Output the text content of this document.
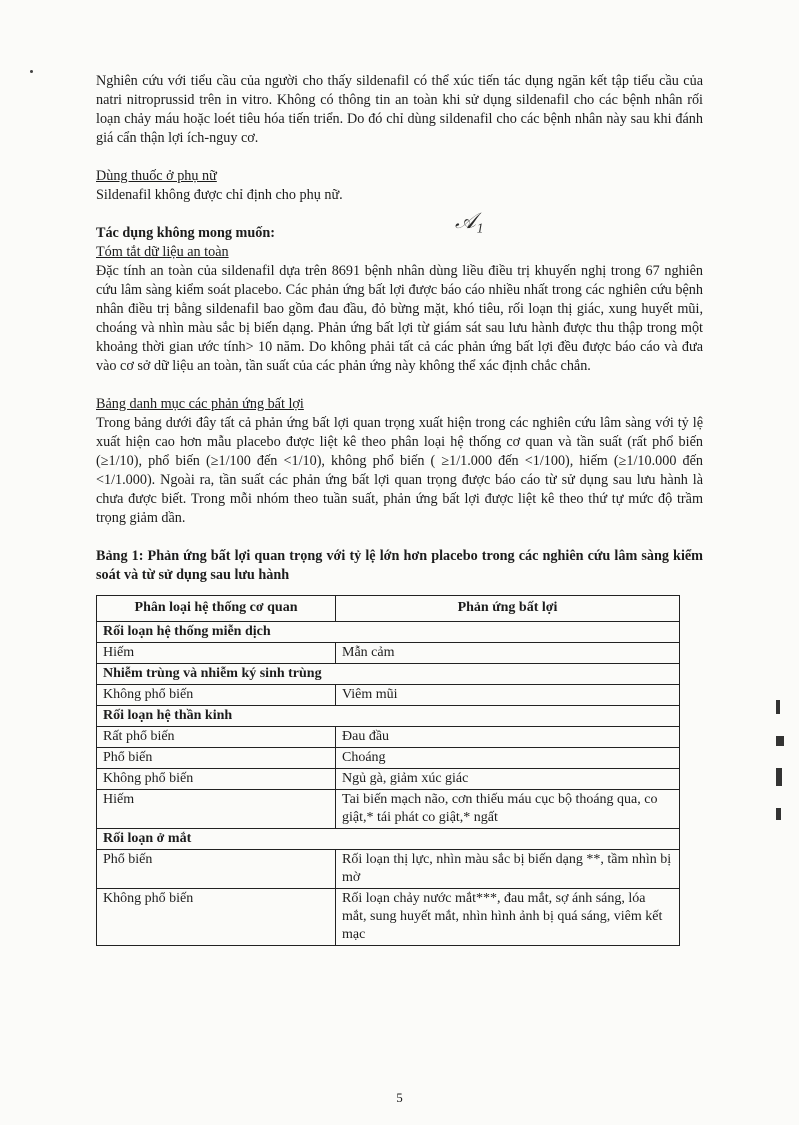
𝒜₁

Nghiên cứu với tiểu cầu của người cho thấy sildenafil có thể xúc tiến tác dụng ngăn kết tập tiểu cầu của natri nitroprussid trên in vitro. Không có thông tin an toàn khi sử dụng sildenafil cho các bệnh nhân rối loạn chảy máu hoặc loét tiêu hóa tiến triển. Do đó chỉ dùng sildenafil cho các bệnh nhân này sau khi đánh giá cẩn thận lợi ích-nguy cơ.

Dùng thuốc ở phụ nữ

Sildenafil không được chỉ định cho phụ nữ.

Tác dụng không mong muốn:
Tóm tắt dữ liệu an toàn

Đặc tính an toàn của sildenafil dựa trên 8691 bệnh nhân dùng liều điều trị khuyến nghị trong 67 nghiên cứu lâm sàng kiểm soát placebo. Các phản ứng bất lợi được báo cáo nhiều nhất trong các nghiên cứu bệnh nhân điều trị bằng sildenafil bao gồm đau đầu, đỏ bừng mặt, khó tiêu, rối loạn thị giác, xung huyết mũi, choáng và nhìn màu sắc bị biến dạng. Phản ứng bất lợi từ giám sát sau lưu hành được thu thập trong một khoảng thời gian ước tính> 10 năm. Do không phải tất cả các phản ứng bất lợi đều được báo cáo và đưa vào cơ sở dữ liệu an toàn, tần suất của các phản ứng này không thể xác định chắc chắn.

Bảng danh mục các phản ứng bất lợi

Trong bảng dưới đây tất cả phản ứng bất lợi quan trọng xuất hiện trong các nghiên cứu lâm sàng với tỷ lệ xuất hiện cao hơn mẫu placebo được liệt kê theo phân loại hệ thống cơ quan và tần suất (rất phổ biến (≥1/10), phổ biến (≥1/100 đến <1/10), không phổ biến ( ≥1/1.000 đến <1/100), hiếm (≥1/10.000 đến <1/1.000). Ngoài ra, tần suất các phản ứng bất lợi quan trọng được báo cáo từ sử dụng sau lưu hành là chưa được biết. Trong mỗi nhóm theo tuần suất, phản ứng bất lợi được liệt kê theo thứ tự mức độ trầm trọng giảm dần.

Bảng 1: Phản ứng bất lợi quan trọng với tỷ lệ lớn hơn placebo trong các nghiên cứu lâm sàng kiểm soát và từ sử dụng sau lưu hành

Phân loại hệ thống cơ quan	Phản ứng bất lợi
Rối loạn hệ thống miễn dịch	
Hiếm	Mẫn cảm
Nhiễm trùng và nhiễm ký sinh trùng	
Không phổ biến	Viêm mũi
Rối loạn hệ thần kinh	
Rất phổ biến	Đau đầu
Phổ biến	Choáng
Không phổ biến	Ngủ gà, giảm xúc giác
Hiếm	Tai biến mạch não, cơn thiếu máu cục bộ thoáng qua, co giật,* tái phát co giật,* ngất
Rối loạn ở mắt	
Phổ biến	Rối loạn thị lực, nhìn màu sắc bị biến dạng **, tầm nhìn bị mờ
Không phổ biến	Rối loạn chảy nước mắt***, đau mắt, sợ ánh sáng, lóa mắt, sung huyết mắt, nhìn hình ảnh bị quá sáng, viêm kết mạc
5
